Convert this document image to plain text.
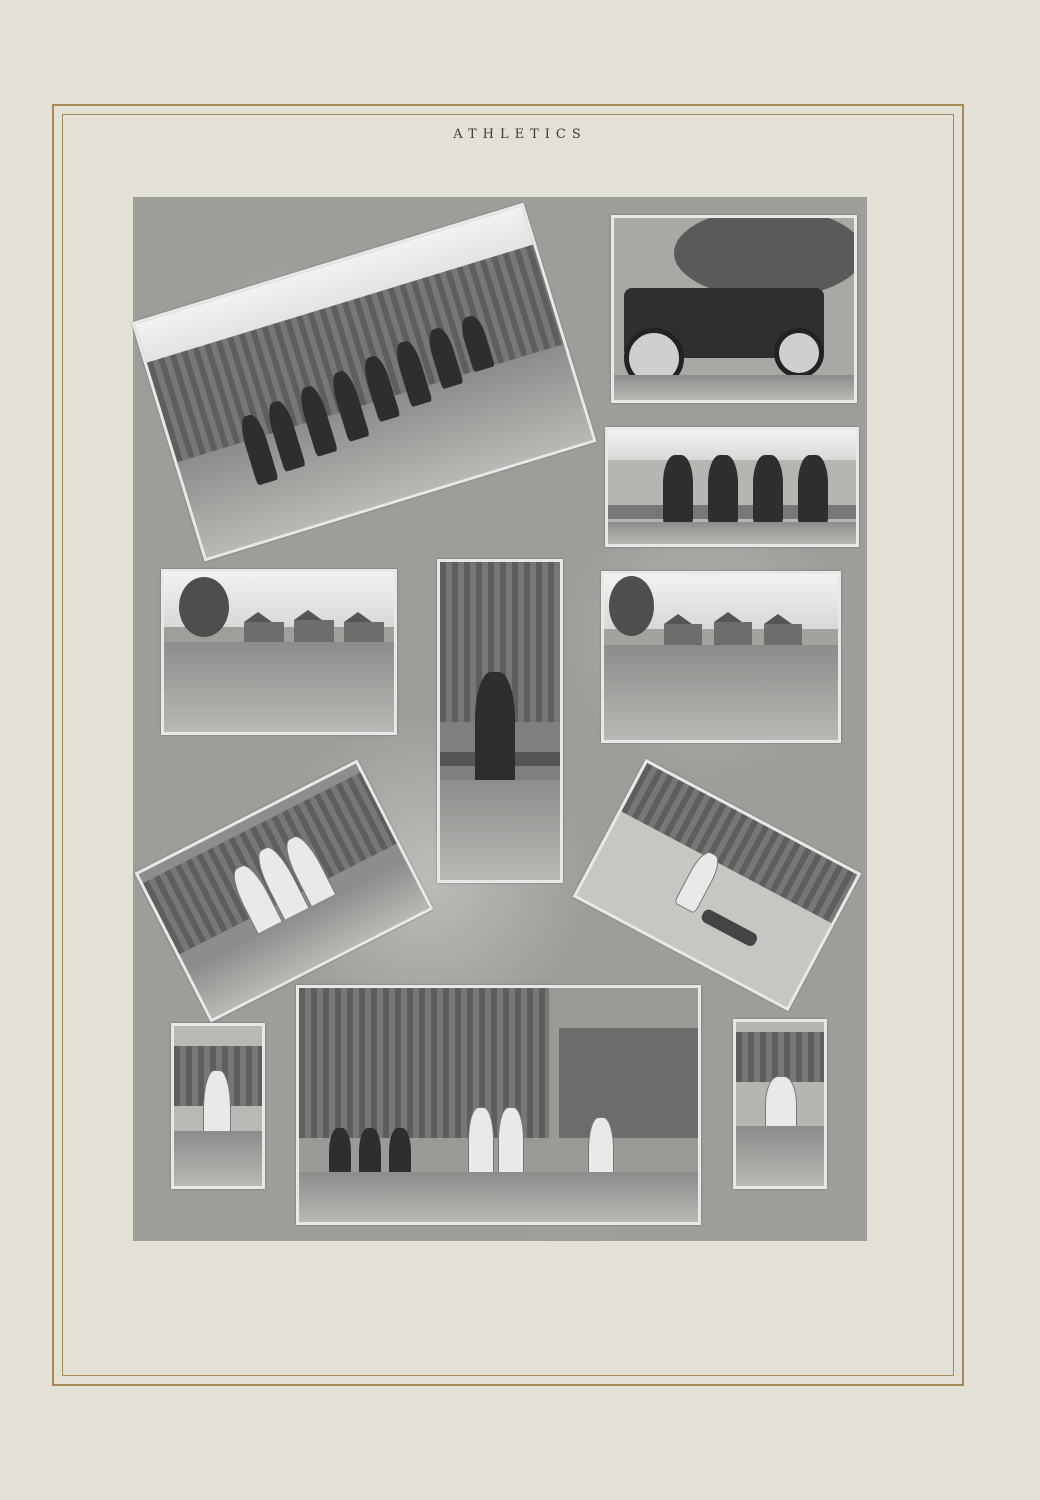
ATHLETICS
